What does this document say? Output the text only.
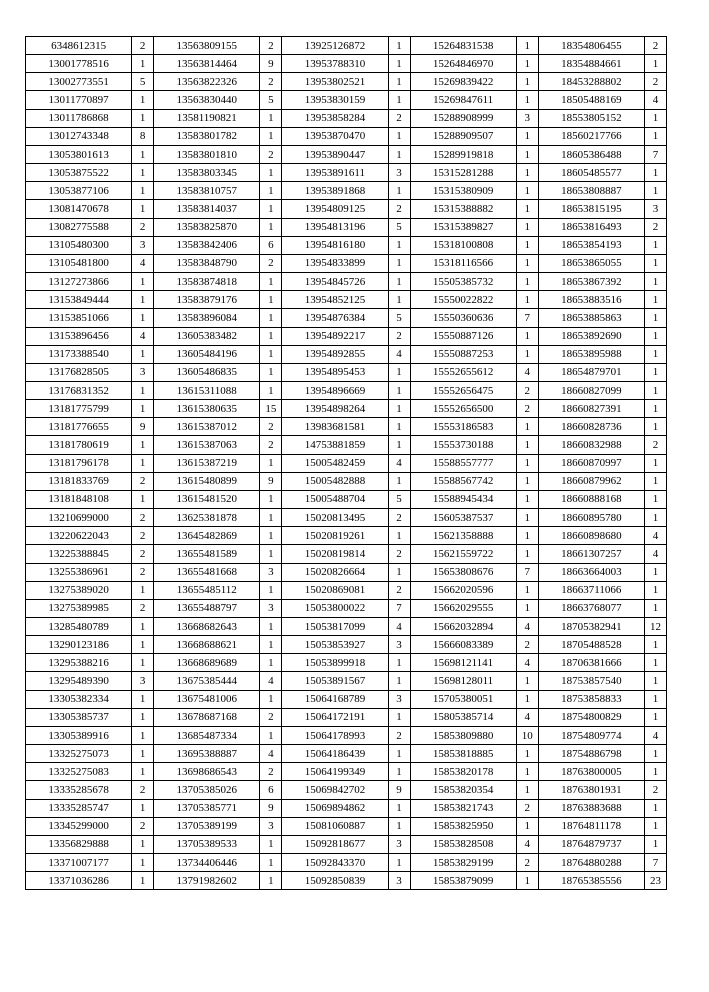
6348612315	2	13563809155	2	13925126872	1	15264831538	1	18354806455	2
13001778516	1	13563814464	9	13953788310	1	15264846970	1	18354884661	1
13002773551	5	13563822326	2	13953802521	1	15269839422	1	18453288802	2
13011770897	1	13563830440	5	13953830159	1	15269847611	1	18505488169	4
13011786868	1	13581190821	1	13953858284	2	15288908999	3	18553805152	1
13012743348	8	13583801782	1	13953870470	1	15288909507	1	18560217766	1
13053801613	1	13583801810	2	13953890447	1	15289919818	1	18605386488	7
13053875522	1	13583803345	1	13953891611	3	15315281288	1	18605485577	1
13053877106	1	13583810757	1	13953891868	1	15315380909	1	18653808887	1
13081470678	1	13583814037	1	13954809125	2	15315388882	1	18653815195	3
13082775588	2	13583825870	1	13954813196	5	15315389827	1	18653816493	2
13105480300	3	13583842406	6	13954816180	1	15318100808	1	18653854193	1
13105481800	4	13583848790	2	13954833899	1	15318116566	1	18653865055	1
13127273866	1	13583874818	1	13954845726	1	15505385732	1	18653867392	1
13153849444	1	13583879176	1	13954852125	1	15550022822	1	18653883516	1
13153851066	1	13583896084	1	13954876384	5	15550360636	7	18653885863	1
13153896456	4	13605383482	1	13954892217	2	15550887126	1	18653892690	1
13173388540	1	13605484196	1	13954892855	4	15550887253	1	18653895988	1
13176828505	3	13605486835	1	13954895453	1	15552655612	4	18654879701	1
13176831352	1	13615311088	1	13954896669	1	15552656475	2	18660827099	1
13181775799	1	13615380635	15	13954898264	1	15552656500	2	18660827391	1
13181776655	9	13615387012	2	13983681581	1	15553186583	1	18660828736	1
13181780619	1	13615387063	2	14753881859	1	15553730188	1	18660832988	2
13181796178	1	13615387219	1	15005482459	4	15588557777	1	18660870997	1
13181833769	2	13615480899	9	15005482888	1	15588567742	1	18660879962	1
13181848108	1	13615481520	1	15005488704	5	15588945434	1	18660888168	1
13210699000	2	13625381878	1	15020813495	2	15605387537	1	18660895780	1
13220622043	2	13645482869	1	15020819261	1	15621358888	1	18660898680	4
13225388845	2	13655481589	1	15020819814	2	15621559722	1	18661307257	4
13255386961	2	13655481668	3	15020826664	1	15653808676	7	18663664003	1
13275389020	1	13655485112	1	15020869081	2	15662020596	1	18663711066	1
13275389985	2	13655488797	3	15053800022	7	15662029555	1	18663768077	1
13285480789	1	13668682643	1	15053817099	4	15662032894	4	18705382941	12
13290123186	1	13668688621	1	15053853927	3	15666083389	2	18705488528	1
13295388216	1	13668689689	1	15053899918	1	15698121141	4	18706381666	1
13295489390	3	13675385444	4	15053891567	1	15698128011	1	18753857540	1
13305382334	1	13675481006	1	15064168789	3	15705380051	1	18753858833	1
13305385737	1	13678687168	2	15064172191	1	15805385714	4	18754800829	1
13305389916	1	13685487334	1	15064178993	2	15853809880	10	18754809774	4
13325275073	1	13695388887	4	15064186439	1	15853818885	1	18754886798	1
13325275083	1	13698686543	2	15064199349	1	15853820178	1	18763800005	1
13335285678	2	13705385026	6	15069842702	9	15853820354	1	18763801931	2
13335285747	1	13705385771	9	15069894862	1	15853821743	2	18763883688	1
13345299000	2	13705389199	3	15081060887	1	15853825950	1	18764811178	1
13356829888	1	13705389533	1	15092818677	3	15853828508	4	18764879737	1
13371007177	1	13734406446	1	15092843370	1	15853829199	2	18764880288	7
13371036286	1	13791982602	1	15092850839	3	15853879099	1	18765385556	23
